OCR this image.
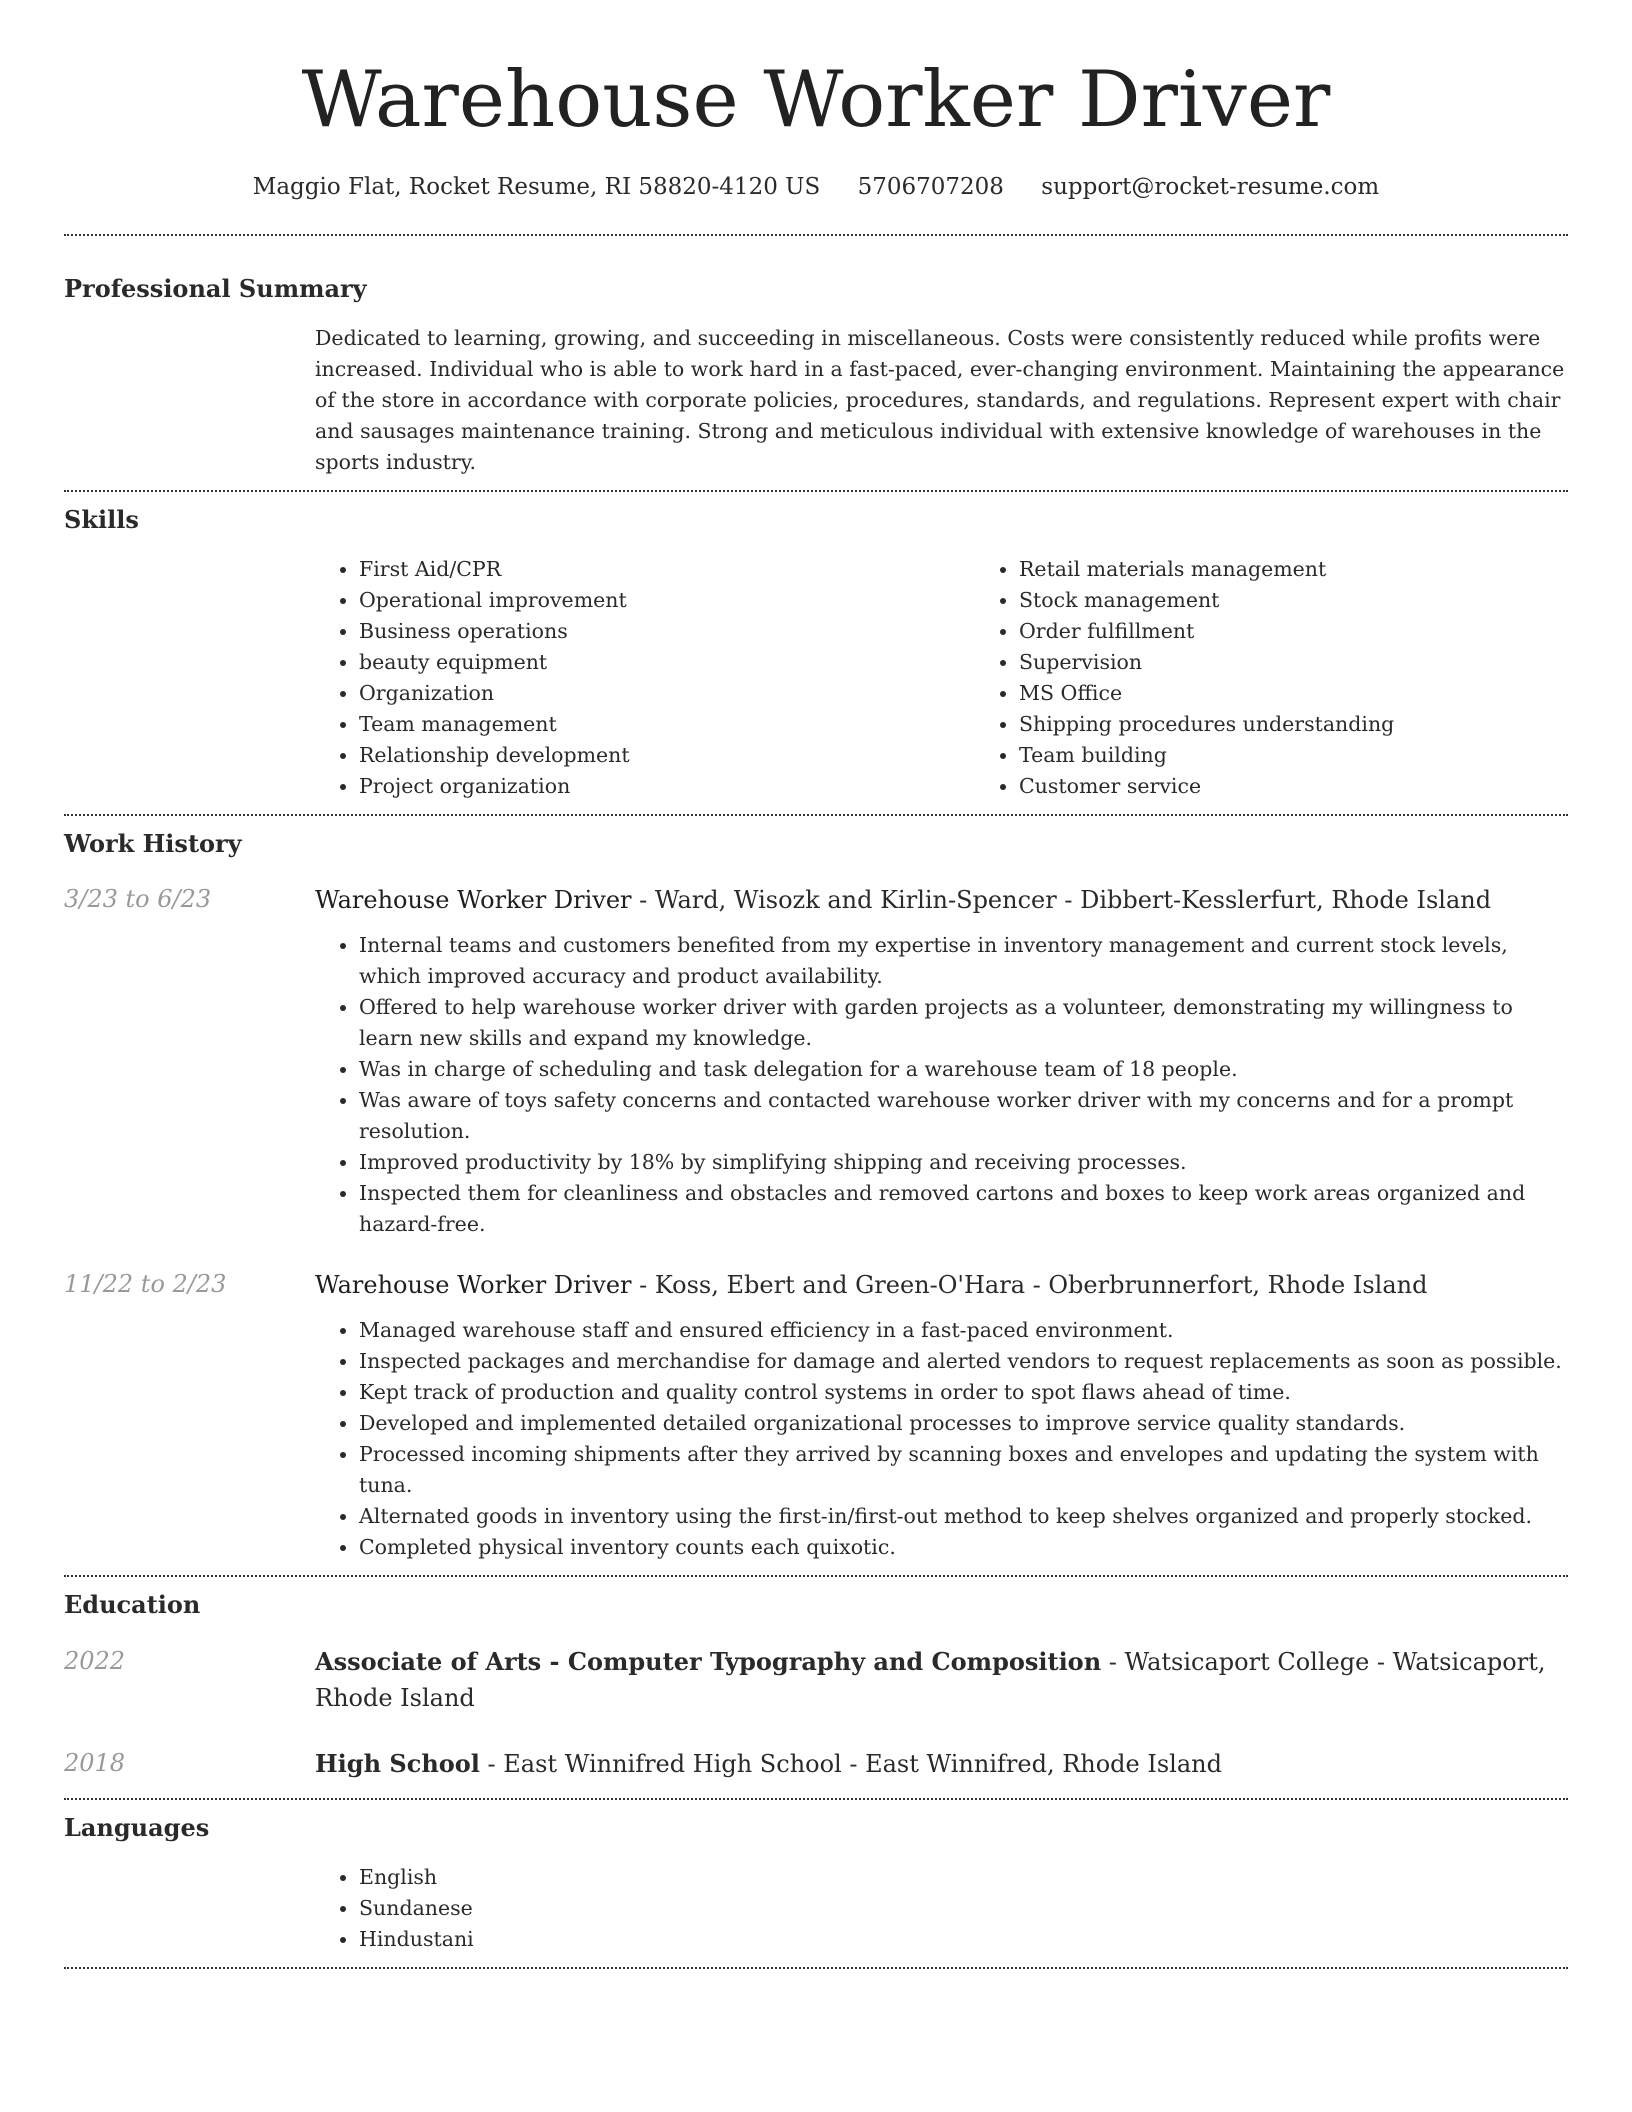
Warehouse Worker Driver
Maggio Flat, Rocket Resume, RI 58820-4120 US 5706707208 support@rocket-resume.com
Professional Summary

Dedicated to learning, growing, and succeeding in miscellaneous. Costs were consistently reduced while profits were increased. Individual who is able to work hard in a fast-paced, ever-changing environment. Maintaining the appearance of the store in accordance with corporate policies, procedures, standards, and regulations. Represent expert with chair and sausages maintenance training. Strong and meticulous individual with extensive knowledge of warehouses in the sports industry.

Skills
• First Aid/CPR
• Operational improvement
• Business operations
• beauty equipment
• Organization
• Team management
• Relationship development
• Project organization
• Retail materials management
• Stock management
• Order fulfillment
• Supervision
• MS Office
• Shipping procedures understanding
• Team building
• Customer service
Work History
3/23 to 6/23	Warehouse Worker Driver - Ward, Wisozk and Kirlin-Spencer - Dibbert-Kesslerfurt, Rhode Island
• Internal teams and customers benefited from my expertise in inventory management and current stock levels, which improved accuracy and product availability.
• Offered to help warehouse worker driver with garden projects as a volunteer, demonstrating my willingness to learn new skills and expand my knowledge.
• Was in charge of scheduling and task delegation for a warehouse team of 18 people.
• Was aware of toys safety concerns and contacted warehouse worker driver with my concerns and for a prompt resolution.
• Improved productivity by 18% by simplifying shipping and receiving processes.
• Inspected them for cleanliness and obstacles and removed cartons and boxes to keep work areas organized and hazard-free.
11/22 to 2/23	Warehouse Worker Driver - Koss, Ebert and Green-O'Hara - Oberbrunnerfort, Rhode Island
• Managed warehouse staff and ensured efficiency in a fast-paced environment.
• Inspected packages and merchandise for damage and alerted vendors to request replacements as soon as possible.
• Kept track of production and quality control systems in order to spot flaws ahead of time.
• Developed and implemented detailed organizational processes to improve service quality standards.
• Processed incoming shipments after they arrived by scanning boxes and envelopes and updating the system with tuna.
• Alternated goods in inventory using the first-in/first-out method to keep shelves organized and properly stocked.
• Completed physical inventory counts each quixotic.
Education
2022	Associate of Arts - Computer Typography and Composition - Watsicaport College - Watsicaport, Rhode Island
2018	High School - East Winnifred High School - East Winnifred, Rhode Island
Languages
• English
• Sundanese
• Hindustani
